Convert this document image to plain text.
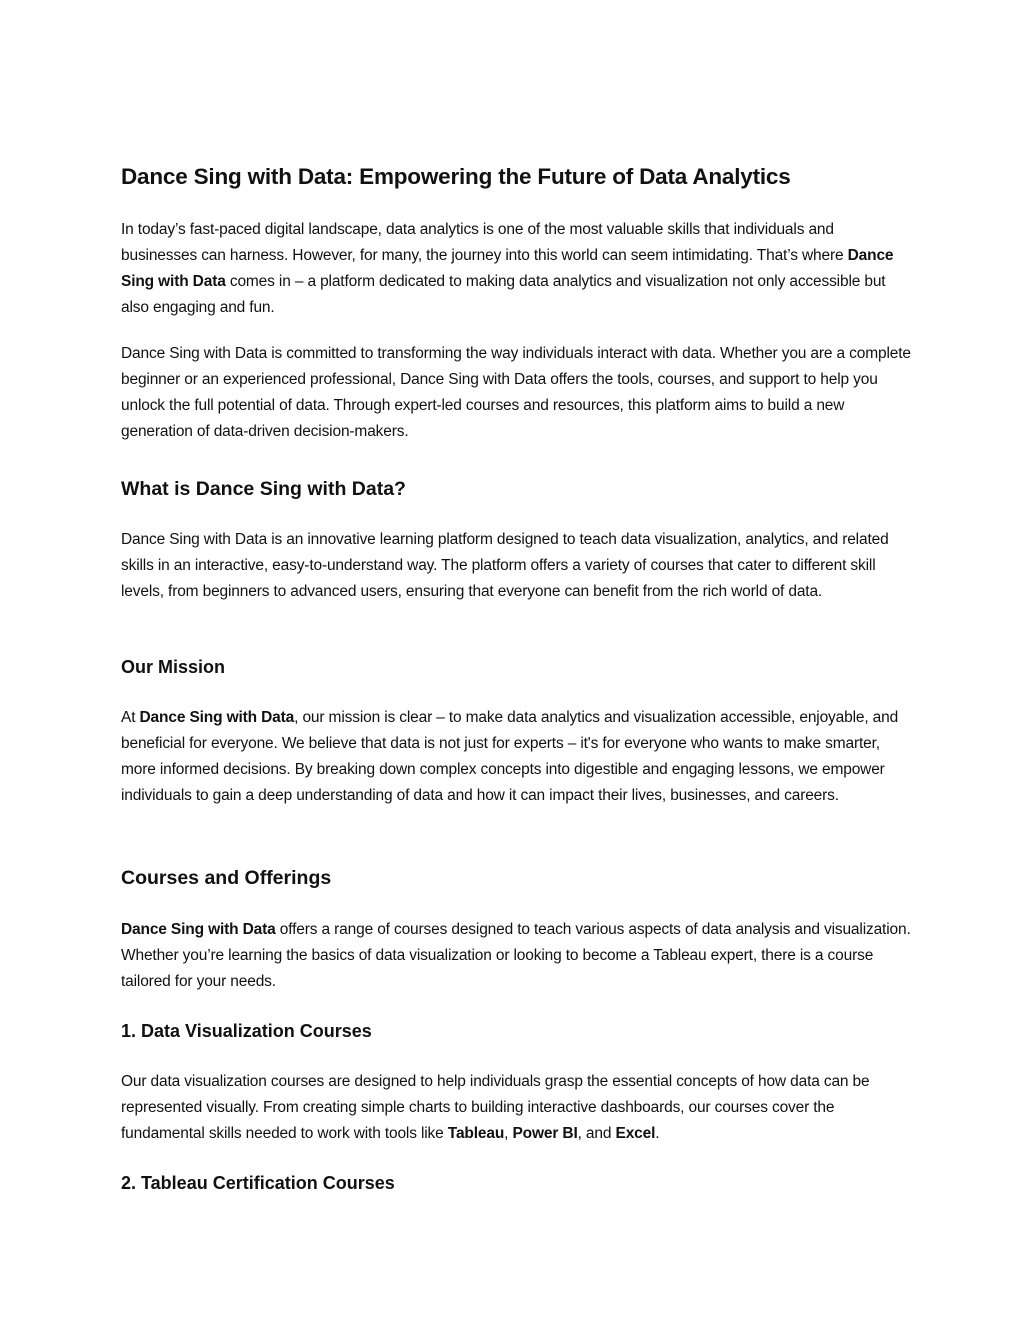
Dance Sing with Data: Empowering the Future of Data Analytics

In today’s fast-paced digital landscape, data analytics is one of the most valuable skills that individuals and businesses can harness. However, for many, the journey into this world can seem intimidating. That’s where Dance Sing with Data comes in – a platform dedicated to making data analytics and visualization not only accessible but also engaging and fun.

Dance Sing with Data is committed to transforming the way individuals interact with data. Whether you are a complete beginner or an experienced professional, Dance Sing with Data offers the tools, courses, and support to help you unlock the full potential of data. Through expert-led courses and resources, this platform aims to build a new generation of data-driven decision-makers.

What is Dance Sing with Data?

Dance Sing with Data is an innovative learning platform designed to teach data visualization, analytics, and related skills in an interactive, easy-to-understand way. The platform offers a variety of courses that cater to different skill levels, from beginners to advanced users, ensuring that everyone can benefit from the rich world of data.

Our Mission

At Dance Sing with Data, our mission is clear – to make data analytics and visualization accessible, enjoyable, and beneficial for everyone. We believe that data is not just for experts – it's for everyone who wants to make smarter, more informed decisions. By breaking down complex concepts into digestible and engaging lessons, we empower individuals to gain a deep understanding of data and how it can impact their lives, businesses, and careers.

Courses and Offerings

Dance Sing with Data offers a range of courses designed to teach various aspects of data analysis and visualization. Whether you’re learning the basics of data visualization or looking to become a Tableau expert, there is a course tailored for your needs.

1. Data Visualization Courses

Our data visualization courses are designed to help individuals grasp the essential concepts of how data can be represented visually. From creating simple charts to building interactive dashboards, our courses cover the fundamental skills needed to work with tools like Tableau, Power BI, and Excel.

2. Tableau Certification Courses
